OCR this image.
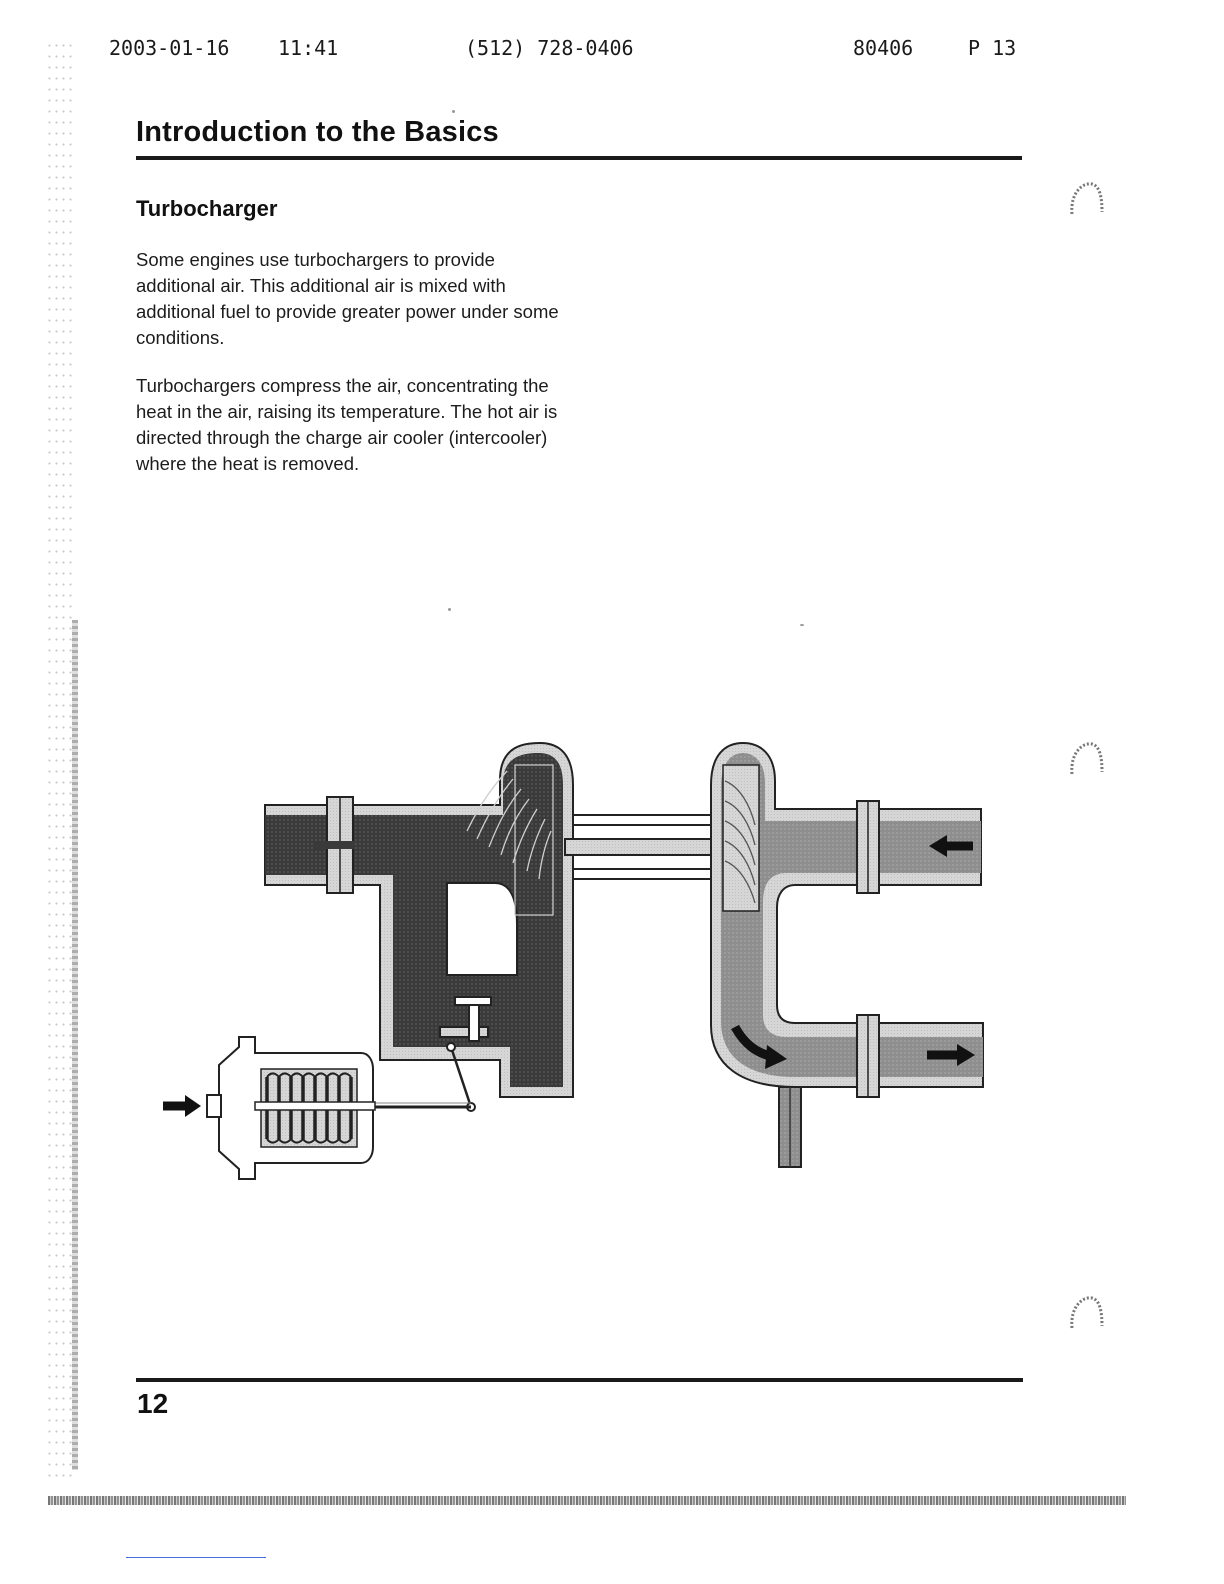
2003-01-16 11:41	(512) 728-0406	80406	P 13
Introduction to the Basics
Turbocharger

Some engines use turbochargers to provide additional air. This additional air is mixed with additional fuel to provide greater power under some conditions.

Turbochargers compress the air, concentrating the heat in the air, raising its temperature. The hot air is directed through the charge air cooler (intercooler) where the heat is removed.

12
